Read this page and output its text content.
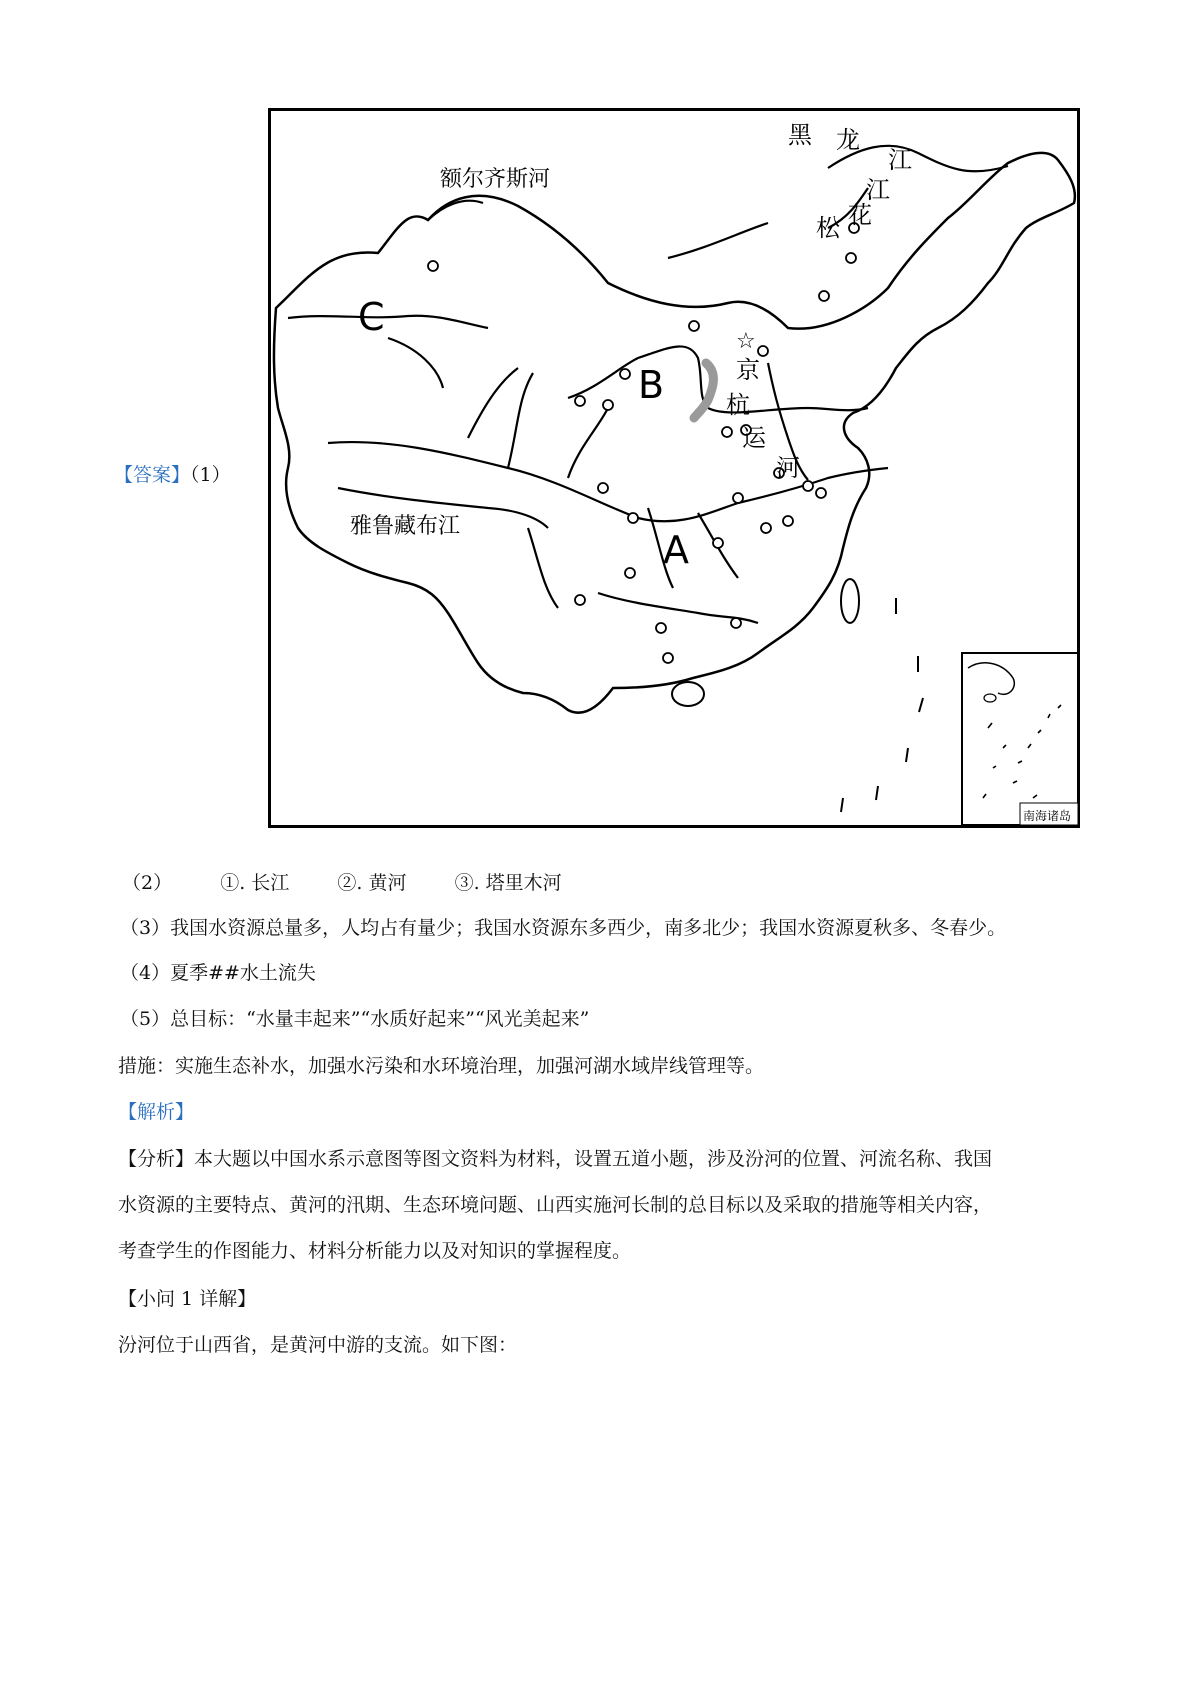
【答案】（1）
C
B
A
额尔齐斯河
雅鲁藏布江
黑 龙
江
江
花
松
☆
京
杭
运
河
南海诸岛
（2）	①. 长江	②. 黄河	③. 塔里木河
（3）我国水资源总量多，人均占有量少；我国水资源东多西少，南多北少；我国水资源夏秋多、冬春少。
（4）夏季##水土流失
（5）总目标：“水量丰起来”“水质好起来”“风光美起来”
措施：实施生态补水，加强水污染和水环境治理，加强河湖水域岸线管理等。
【解析】
【分析】本大题以中国水系示意图等图文资料为材料，设置五道小题，涉及汾河的位置、河流名称、我国
水资源的主要特点、黄河的汛期、生态环境问题、山西实施河长制的总目标以及采取的措施等相关内容，
考查学生的作图能力、材料分析能力以及对知识的掌握程度。
【小问 1 详解】
汾河位于山西省，是黄河中游的支流。如下图：
